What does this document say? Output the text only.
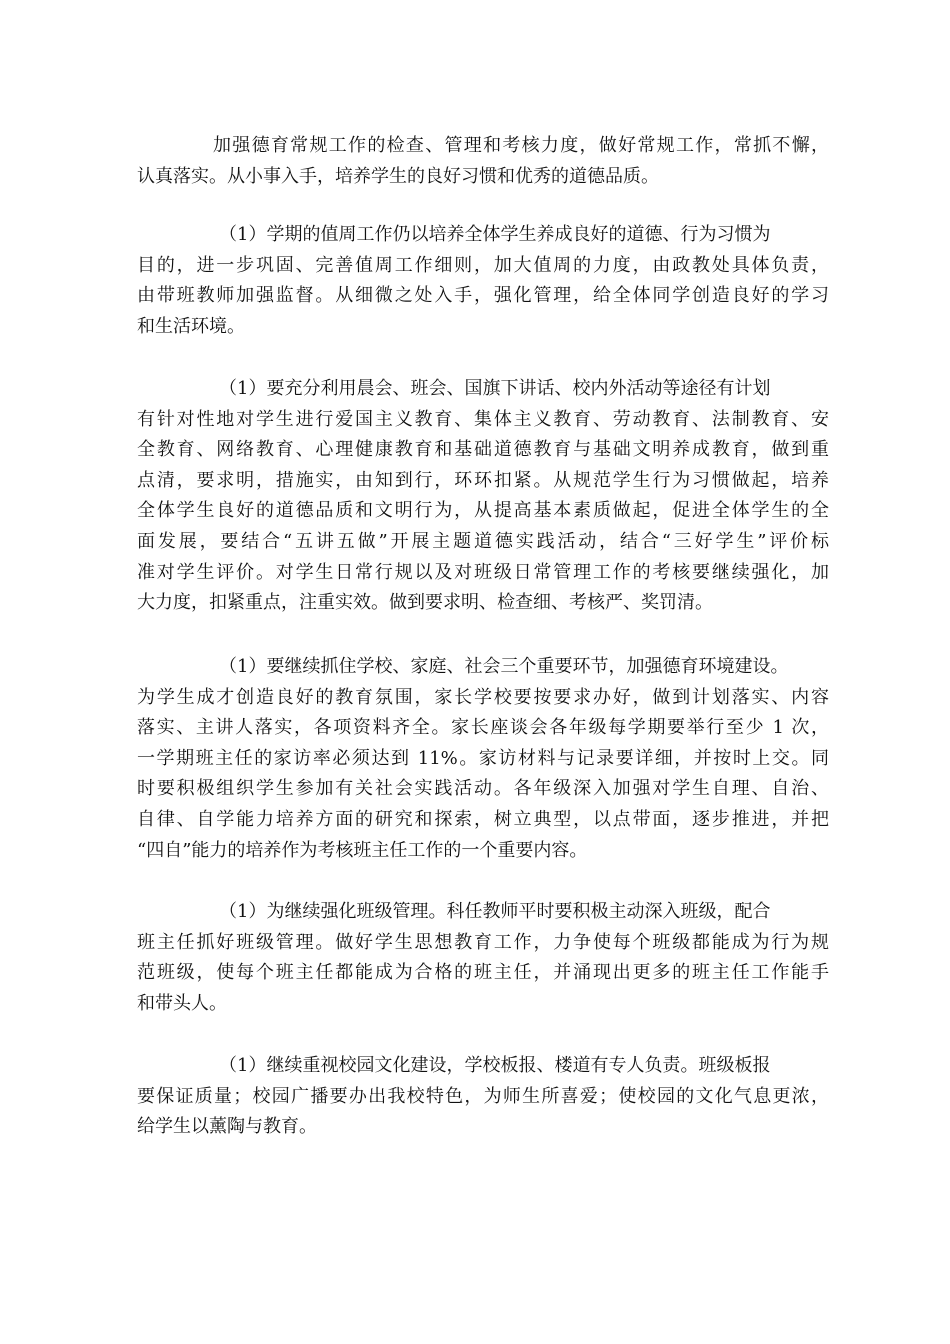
加强德育常规工作的检查、管理和考核力度，做好常规工作，常抓不懈，
认真落实。从小事入手，培养学生的良好习惯和优秀的道德品质。
（1）学期的值周工作仍以培养全体学生养成良好的道德、行为习惯为
目的，进一步巩固、完善值周工作细则，加大值周的力度，由政教处具体负责，
由带班教师加强监督。从细微之处入手，强化管理，给全体同学创造良好的学习
和生活环境。
（1）要充分利用晨会、班会、国旗下讲话、校内外活动等途径有计划
有针对性地对学生进行爱国主义教育、集体主义教育、劳动教育、法制教育、安
全教育、网络教育、心理健康教育和基础道德教育与基础文明养成教育，做到重
点清，要求明，措施实，由知到行，环环扣紧。从规范学生行为习惯做起，培养
全体学生良好的道德品质和文明行为，从提高基本素质做起，促进全体学生的全
面发展，要结合“五讲五做”开展主题道德实践活动，结合“三好学生”评价标
准对学生评价。对学生日常行规以及对班级日常管理工作的考核要继续强化，加
大力度，扣紧重点，注重实效。做到要求明、检查细、考核严、奖罚清。
（1）要继续抓住学校、家庭、社会三个重要环节，加强德育环境建设。
为学生成才创造良好的教育氛围，家长学校要按要求办好，做到计划落实、内容
落实、主讲人落实，各项资料齐全。家长座谈会各年级每学期要举行至少 1 次，
一学期班主任的家访率必须达到 11%。家访材料与记录要详细，并按时上交。同
时要积极组织学生参加有关社会实践活动。各年级深入加强对学生自理、自治、
自律、自学能力培养方面的研究和探索，树立典型，以点带面，逐步推进，并把
“四自”能力的培养作为考核班主任工作的一个重要内容。
（1）为继续强化班级管理。科任教师平时要积极主动深入班级，配合
班主任抓好班级管理。做好学生思想教育工作，力争使每个班级都能成为行为规
范班级，使每个班主任都能成为合格的班主任，并涌现出更多的班主任工作能手
和带头人。
（1）继续重视校园文化建设，学校板报、楼道有专人负责。班级板报
要保证质量；校园广播要办出我校特色，为师生所喜爱；使校园的文化气息更浓，
给学生以薰陶与教育。
